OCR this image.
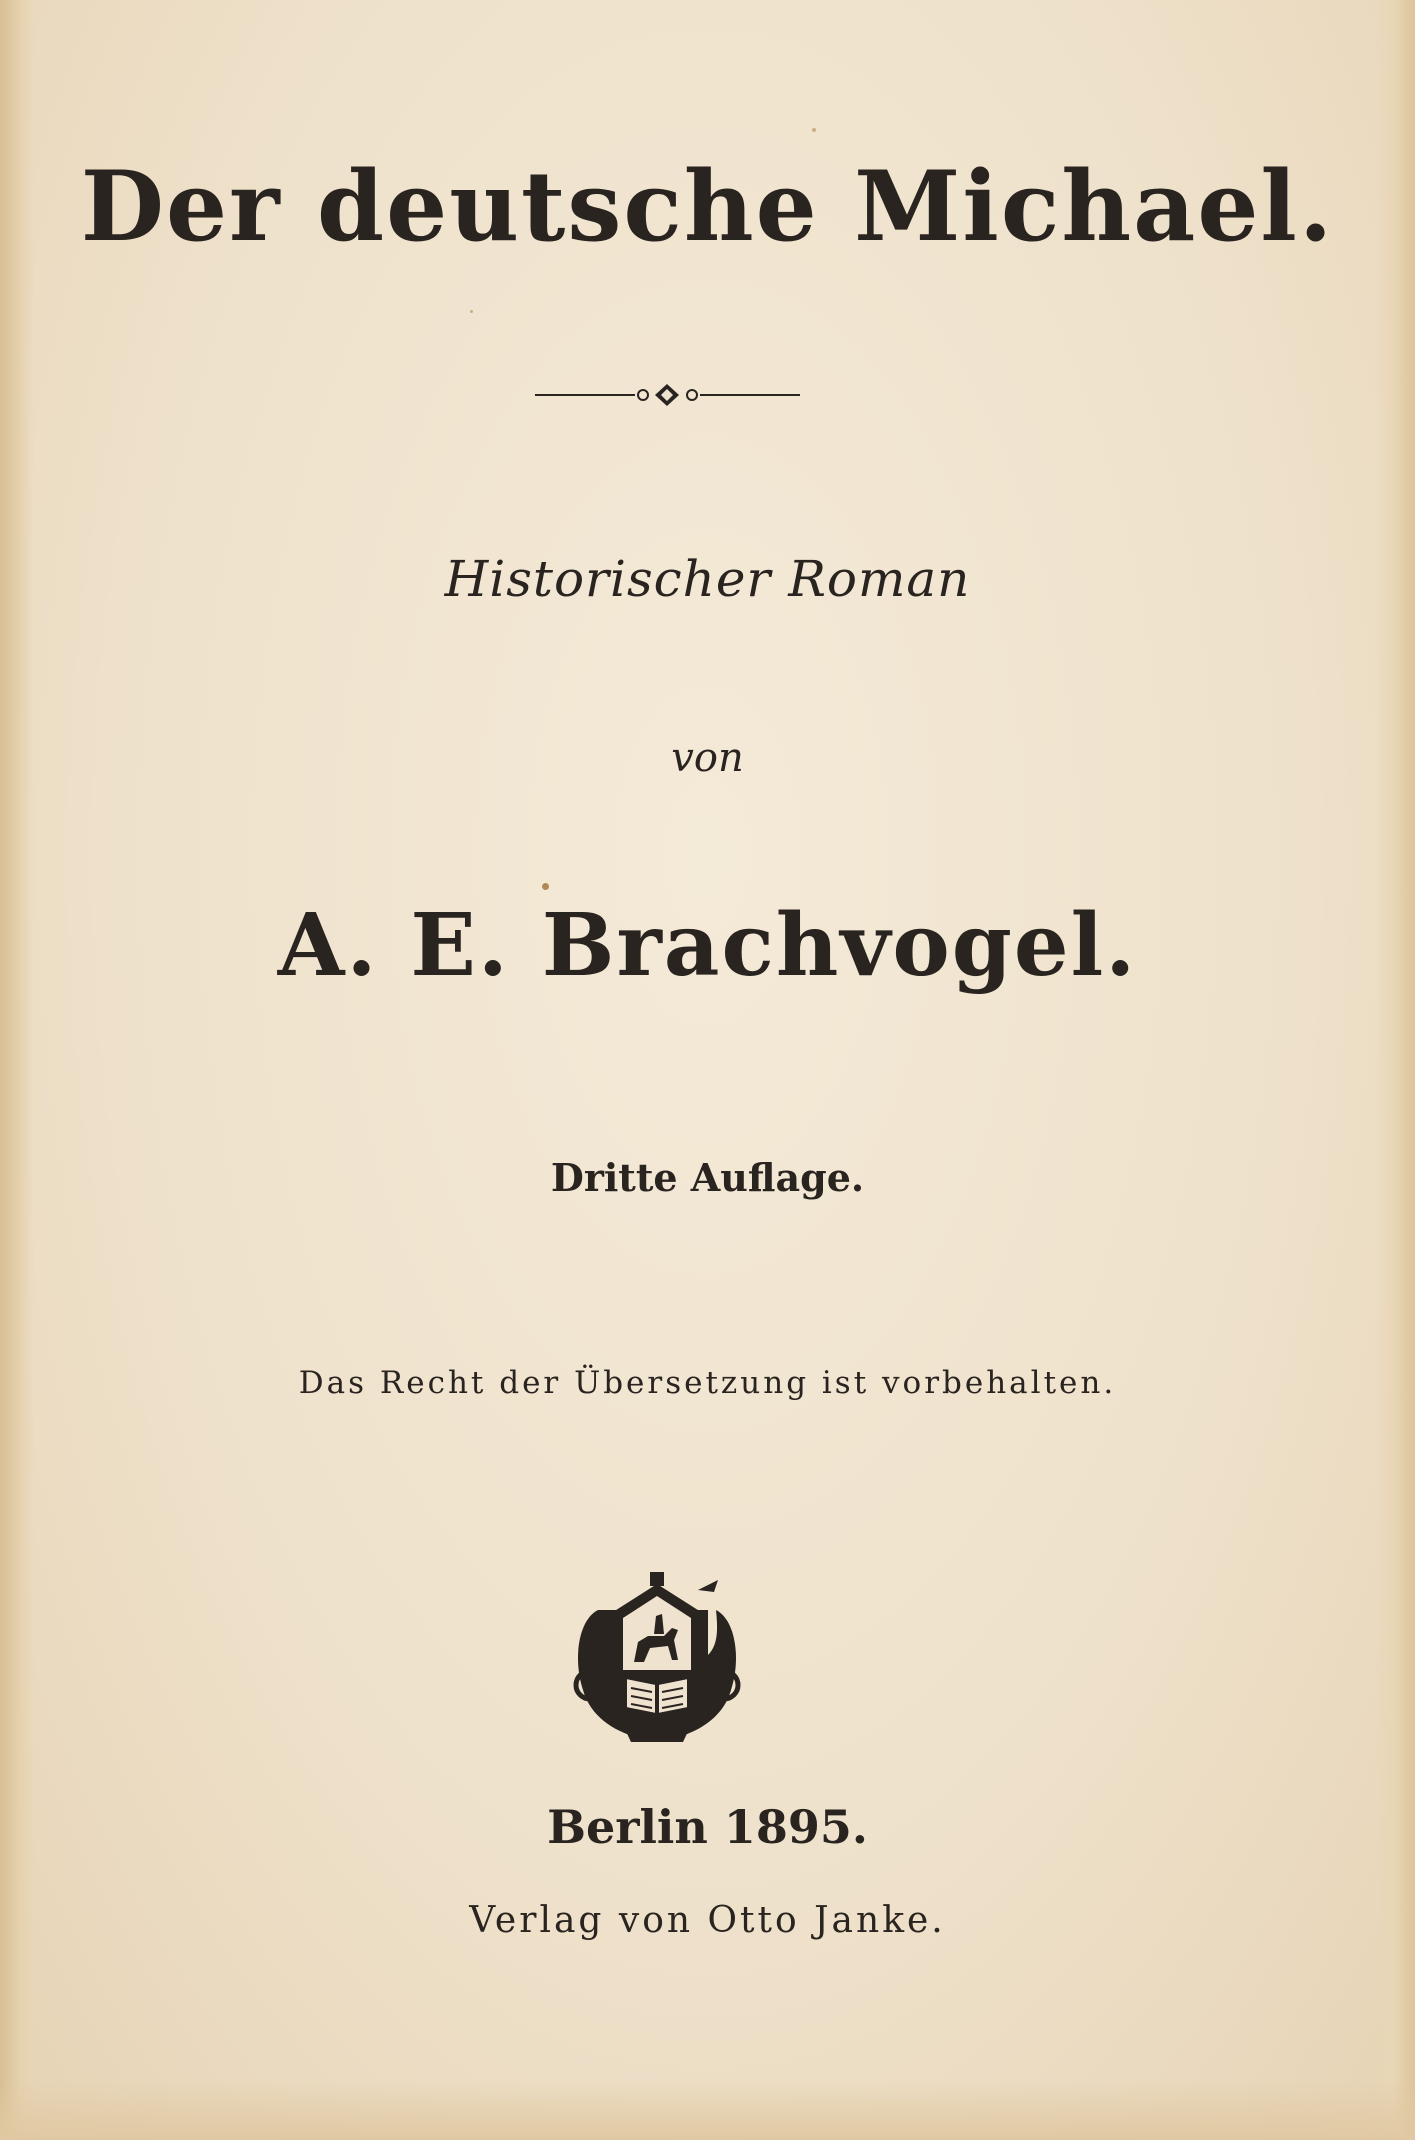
Der deutsche Michael.
Historischer Roman
von
A. E. Brachvogel.
Dritte Auflage.
Das Recht der Übersetzung ist vorbehalten.
Berlin 1895.
Verlag von Otto Janke.
